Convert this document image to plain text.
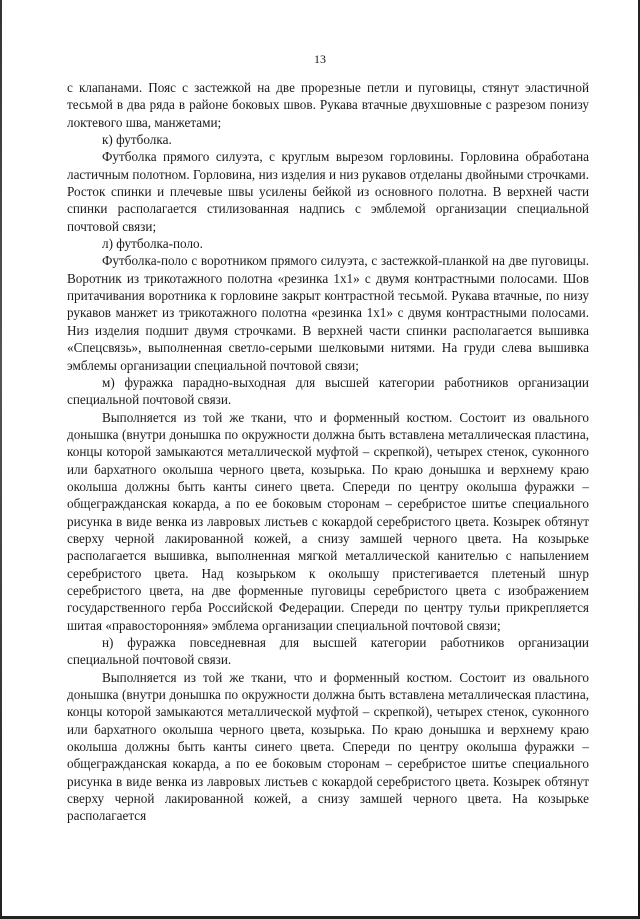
13

с клапанами. Пояс с застежкой на две прорезные петли и пуговицы, стянут эластичной тесьмой в два ряда в районе боковых швов. Рукава втачные двухшовные с разрезом понизу локтевого шва, манжетами;

к) футболка.

Футболка прямого силуэта, с круглым вырезом горловины. Горловина обработана ластичным полотном. Горловина, низ изделия и низ рукавов отделаны двойными строчками. Росток спинки и плечевые швы усилены бейкой из основного полотна. В верхней части спинки располагается стилизованная надпись с эмблемой организации специальной почтовой связи;

л) футболка-поло.

Футболка-поло с воротником прямого силуэта, с застежкой-планкой на две пуговицы. Воротник из трикотажного полотна «резинка 1х1» с двумя контрастными полосами. Шов притачивания воротника к горловине закрыт контрастной тесьмой. Рукава втачные, по низу рукавов манжет из трикотажного полотна «резинка 1х1» с двумя контрастными полосами. Низ изделия подшит двумя строчками. В верхней части спинки располагается вышивка «Спецсвязь», выполненная светло-серыми шелковыми нитями. На груди слева вышивка эмблемы организации специальной почтовой связи;

м) фуражка парадно-выходная для высшей категории работников организации специальной почтовой связи.

Выполняется из той же ткани, что и форменный костюм. Состоит из овального донышка (внутри донышка по окружности должна быть вставлена металлическая пластина, концы которой замыкаются металлической муфтой – скрепкой), четырех стенок, суконного или бархатного околыша черного цвета, козырька. По краю донышка и верхнему краю околыша должны быть канты синего цвета. Спереди по центру околыша фуражки – общегражданская кокарда, а по ее боковым сторонам – серебристое шитье специального рисунка в виде венка из лавровых листьев с кокардой серебристого цвета. Козырек обтянут сверху черной лакированной кожей, а снизу замшей черного цвета. На козырьке располагается вышивка, выполненная мягкой металлической канителью с напылением серебристого цвета. Над козырьком к околышу пристегивается плетеный шнур серебристого цвета, на две форменные пуговицы серебристого цвета с изображением государственного герба Российской Федерации. Спереди по центру тульи прикрепляется шитая «правосторонняя» эмблема организации специальной почтовой связи;

н) фуражка повседневная для высшей категории работников организации специальной почтовой связи.

Выполняется из той же ткани, что и форменный костюм. Состоит из овального донышка (внутри донышка по окружности должна быть вставлена металлическая пластина, концы которой замыкаются металлической муфтой – скрепкой), четырех стенок, суконного или бархатного околыша черного цвета, козырька. По краю донышка и верхнему краю околыша должны быть канты синего цвета. Спереди по центру околыша фуражки – общегражданская кокарда, а по ее боковым сторонам – серебристое шитье специального рисунка в виде венка из лавровых листьев с кокардой серебристого цвета. Козырек обтянут сверху черной лакированной кожей, а снизу замшей черного цвета. На козырьке располагается
